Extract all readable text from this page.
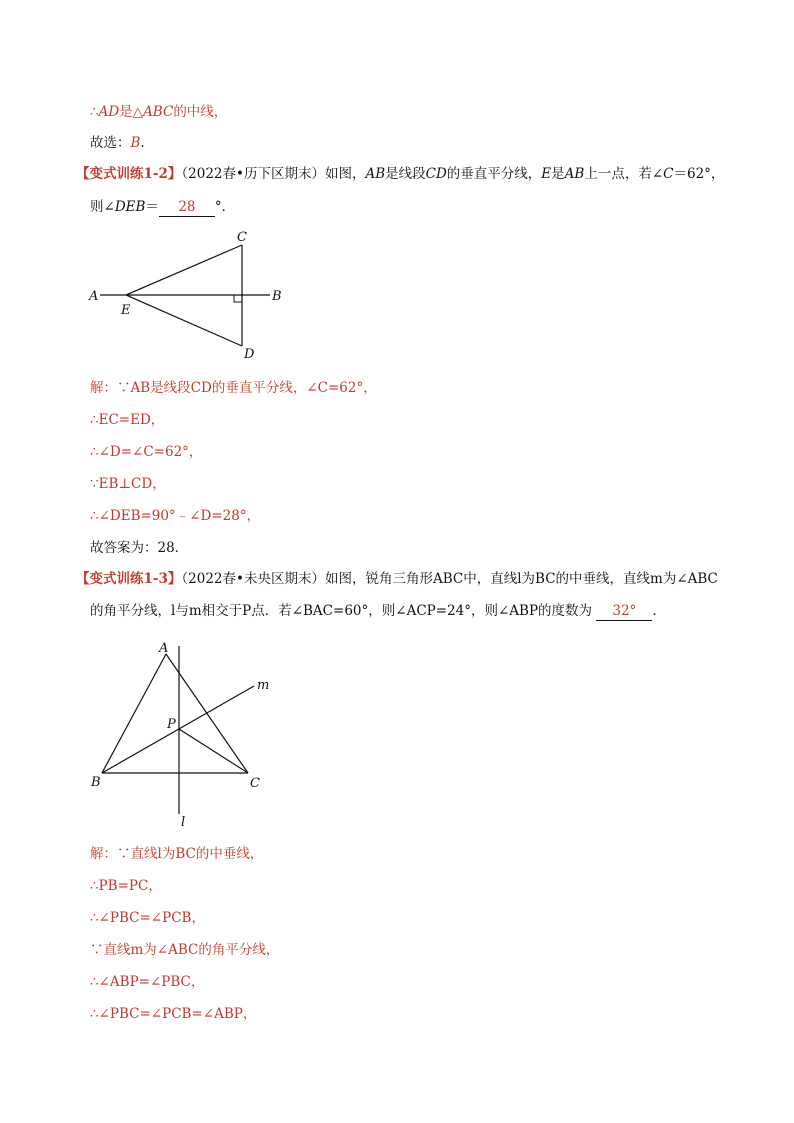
∴AD是△ABC的中线，
故选：B.
【变式训练1-2】（2022春•历下区期末）如图，AB是线段CD的垂直平分线，E是AB上一点，若∠C＝62°，
则∠DEB＝ 28 °．
A	B
C
D
E
解：∵AB是线段CD的垂直平分线，∠C=62°，
∴EC=ED，
∴∠D=∠C=62°，
∵EB⊥CD，
∴∠DEB=90°﹣∠D=28°，
故答案为：28．
【变式训练1-3】（2022春•未央区期末）如图，锐角三角形ABC中，直线l为BC的中垂线，直线m为∠ABC
的角平分线，l与m相交于P点．若∠BAC=60°，则∠ACP=24°，则∠ABP的度数为 32° ．
A
B	C
P
m
l
解：∵直线l为BC的中垂线，
∴PB=PC，
∴∠PBC=∠PCB，
∵直线m为∠ABC的角平分线，
∴∠ABP=∠PBC，
∴∠PBC=∠PCB=∠ABP，
